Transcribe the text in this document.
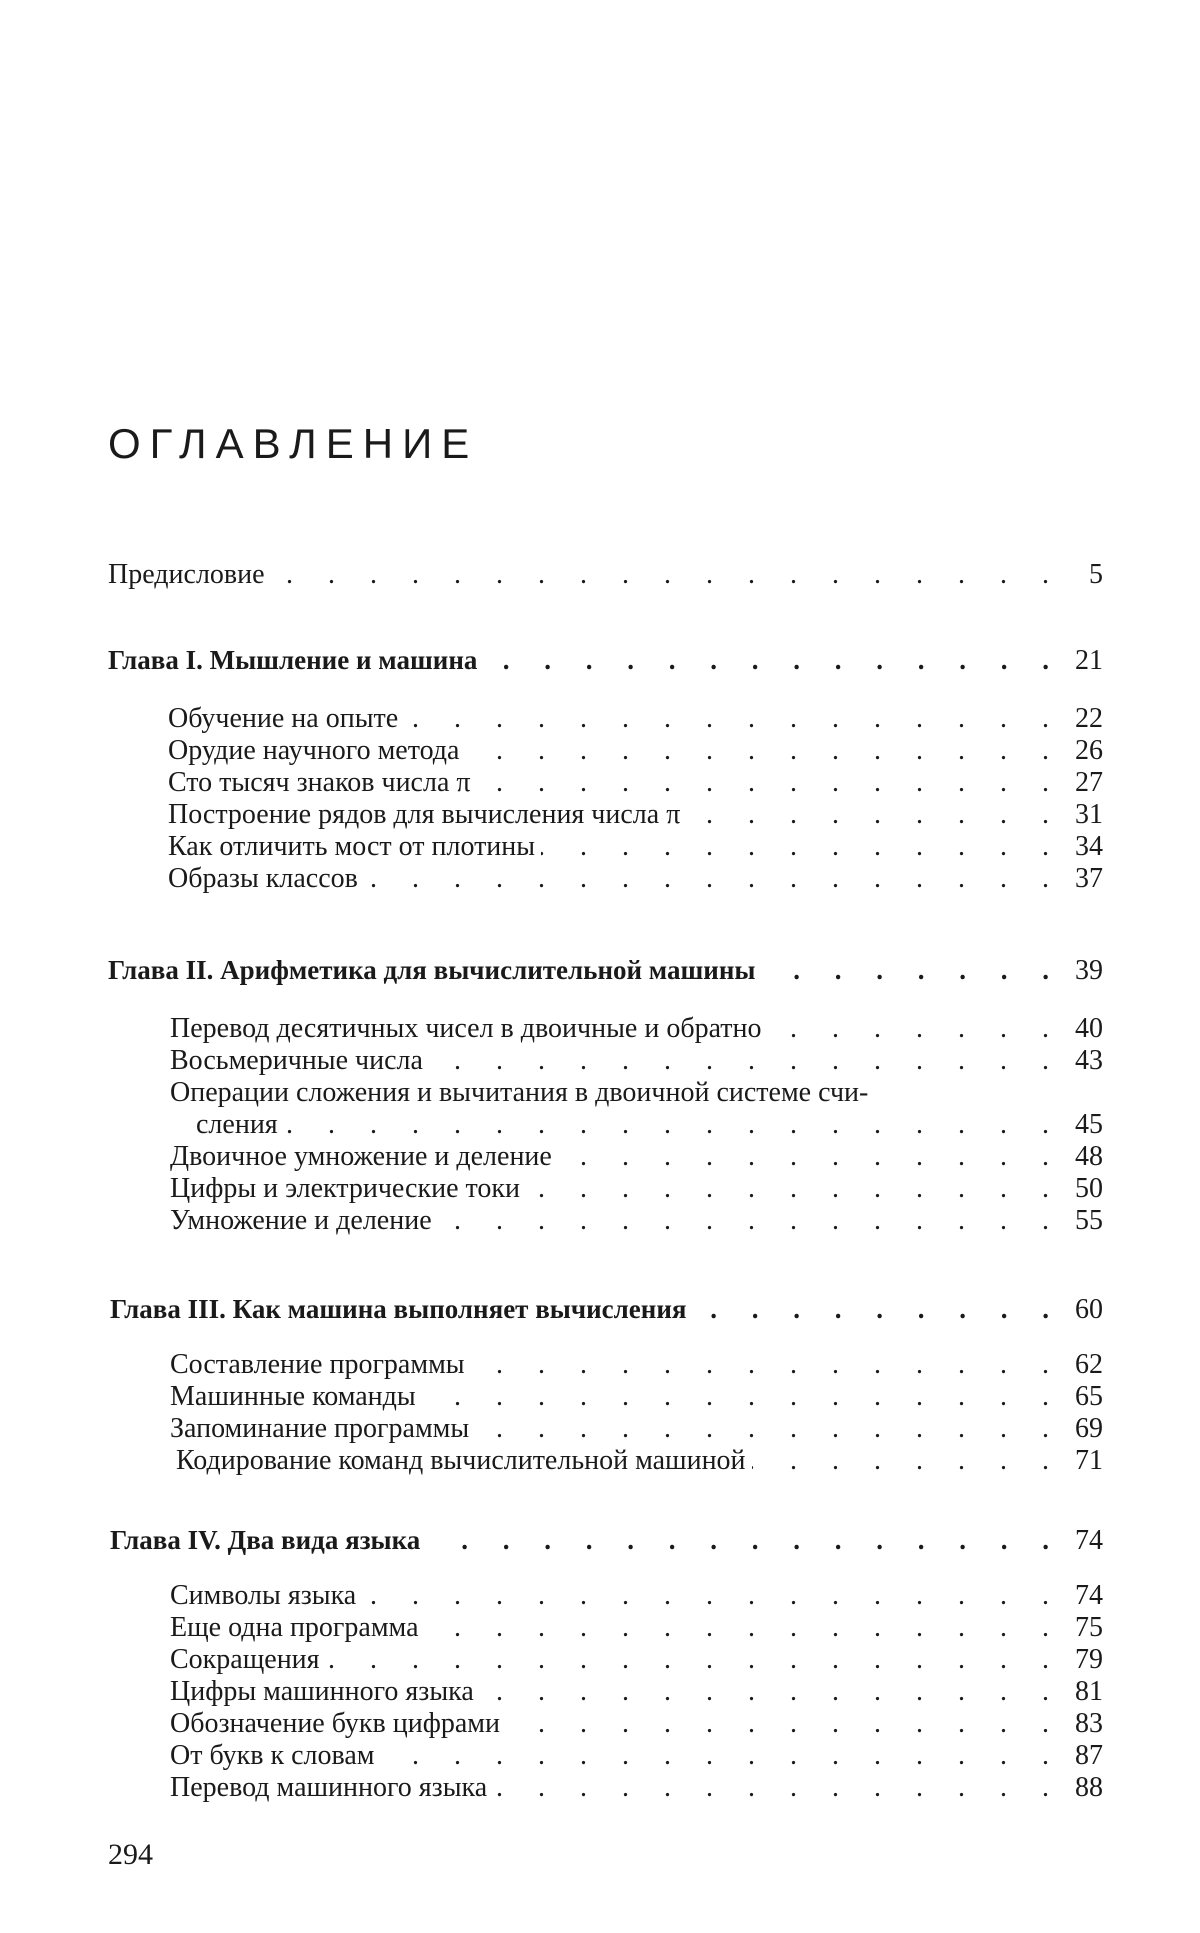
ОГЛАВЛЕНИЕ
Предисловие
. . .	5
Глава I. Мышление и машина
. . .	21
Обучение на опыте
. . .	22
Орудие научного метода
. . .	26
Сто тысяч знаков числа π
. . .	27
Построение рядов для вычисления числа π
. . .	31
Как отличить мост от плотины
. . .	34
Образы классов
. . .	37
Глава II. Арифметика для вычислительной машины
. . .	39
Перевод десятичных чисел в двоичные и обратно
. . .	40
Восьмеричные числа
. . .	43
Операции сложения и вычитания в двоичной системе счи-
сления
. . .	45
Двоичное умножение и деление
. . .	48
Цифры и электрические токи
. . .	50
Умножение и деление
. . .	55
Глава III. Как машина выполняет вычисления
. . .	60
Составление программы
. . .	62
Машинные команды
. . .	65
Запоминание программы
. . .	69
Кодирование команд вычислительной машиной
. . .	71
Глава IV. Два вида языка
. . .	74
Символы языка
. . .	74
Еще одна программа
. . .	75
Сокращения
. . .	79
Цифры машинного языка
. . .	81
Обозначение букв цифрами
. . .	83
От букв к словам
. . .	87
Перевод машинного языка
. . .	88

294
